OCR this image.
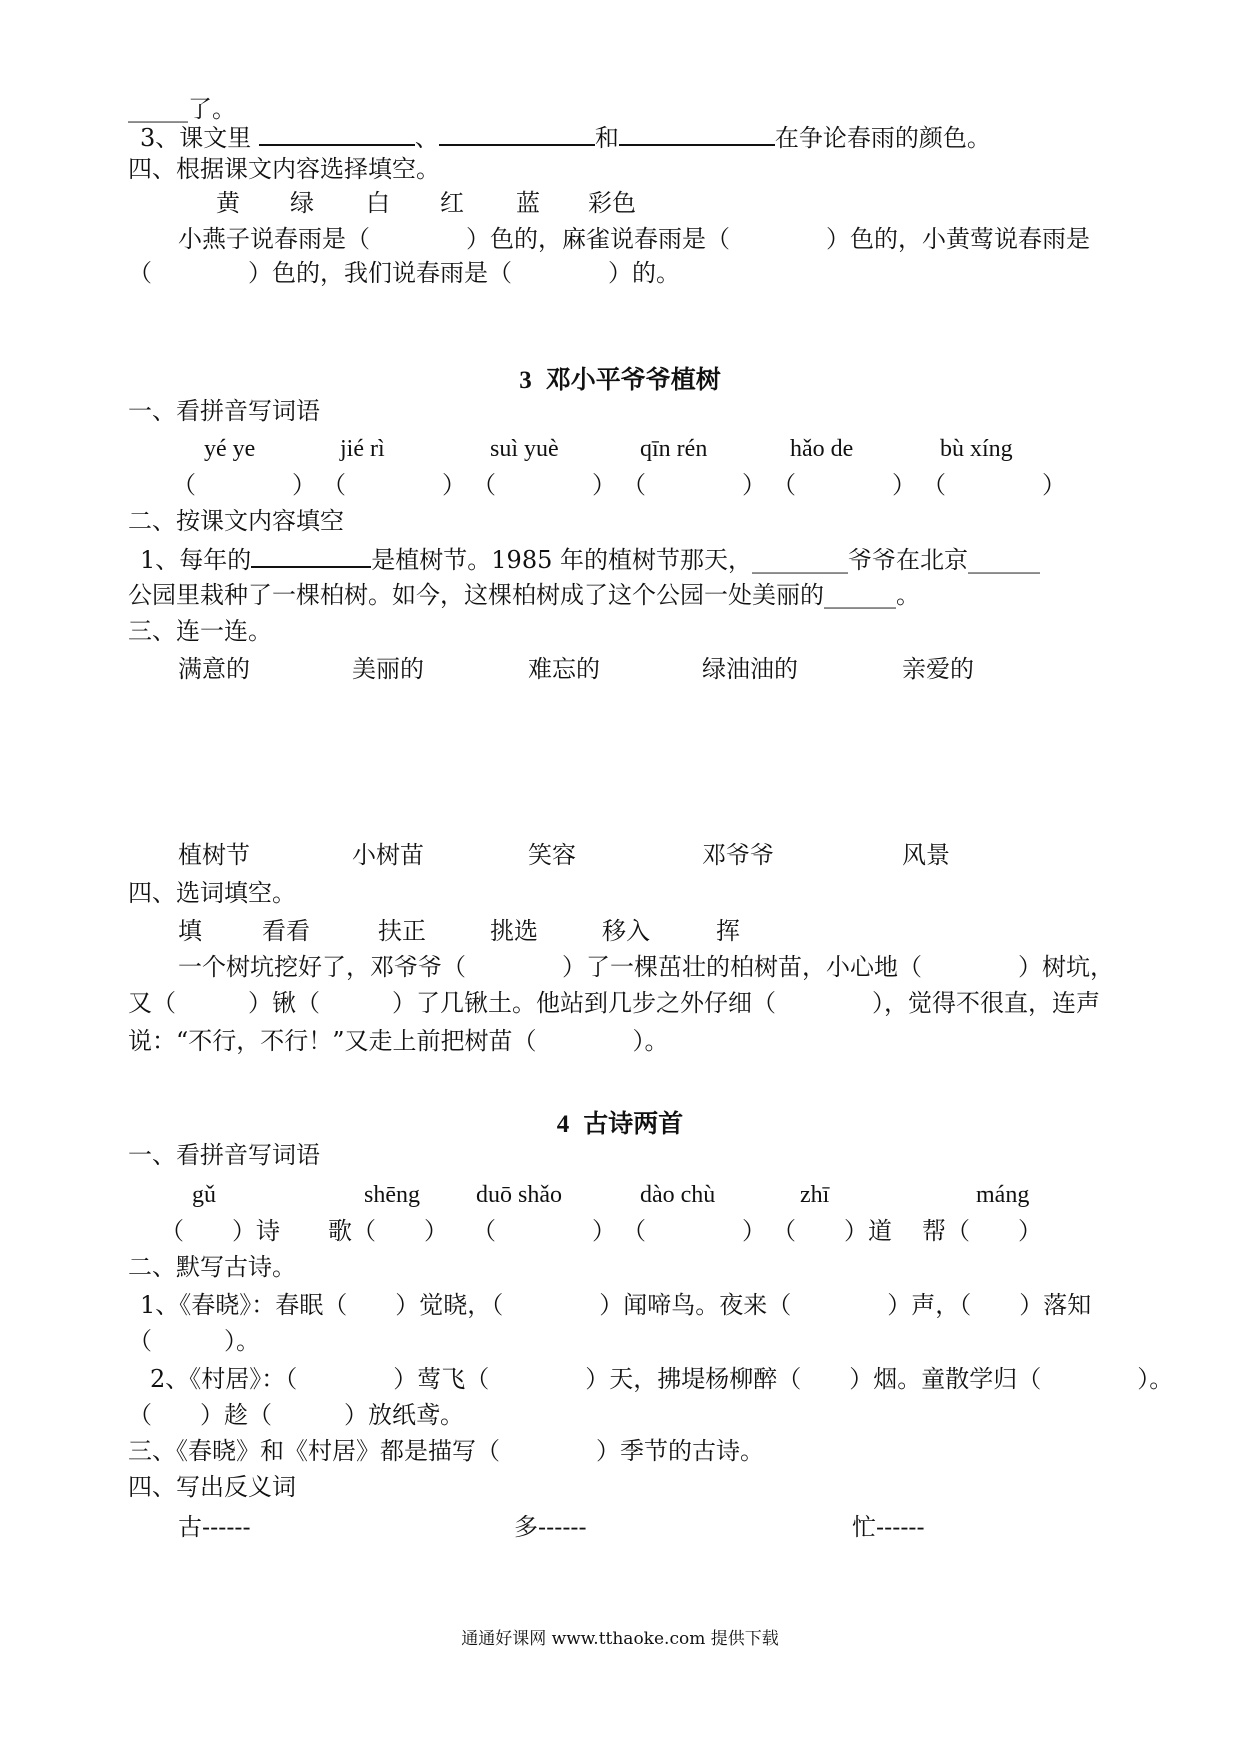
_____了。
3、课文里	、	和	在争论春雨的颜色。
四、根据课文内容选择填空。
黄 绿 白 红 蓝 彩色
小燕子说春雨是（　　　　）色的，麻雀说春雨是（　　　　）色的，小黄莺说春雨是
（　　　　）色的，我们说春雨是（　　　　）的。
3 邓小平爷爷植树
一、看拼音写词语
yé ye	jié rì	suì yuè	qīn rén	hǎo de	bù xíng
（　　　　） （　　　　） （　　　　） （　　　　） （　　　　） （　　　　）
二、按课文内容填空
1、每年的	是植树节。1985 年的植树节那天，________爷爷在北京______
公园里栽种了一棵柏树。如今，这棵柏树成了这个公园一处美丽的______。
三、连一连。
满意的	美丽的	难忘的	绿油油的	亲爱的
植树节	小树苗	笑容	邓爷爷	风景
四、选词填空。
填	看看	扶正	挑选	移入	挥
一个树坑挖好了，邓爷爷（　　　　）了一棵茁壮的柏树苗，小心地（　　　　）树坑，
又（　　　）锹（　　　）了几锹土。他站到几步之外仔细（　　　　），觉得不很直，连声
说：“不行，不行！”又走上前把树苗（　　　　）。
4 古诗两首
一、看拼音写词语
gǔ	shēng duō shǎo	dào chù	zhī	máng
（　　）诗 歌（　　） （　　　　） （　　　　） （　　）道 帮（　　）
二、默写古诗。
1、《春晓》：春眠（　　）觉晓，（　　　　）闻啼鸟。夜来（　　　　）声，（　　）落知
（　　　）。
2、《村居》：（　　　　）莺飞（　　　　）天，拂堤杨柳醉（　　）烟。童散学归（　　　　）。
（　　）趁（　　　）放纸鸢。
三、《春晓》和《村居》都是描写（　　　　）季节的古诗。
四、写出反义词
古------	多------	忙------
通通好课网 www.tthaoke.com 提供下载
